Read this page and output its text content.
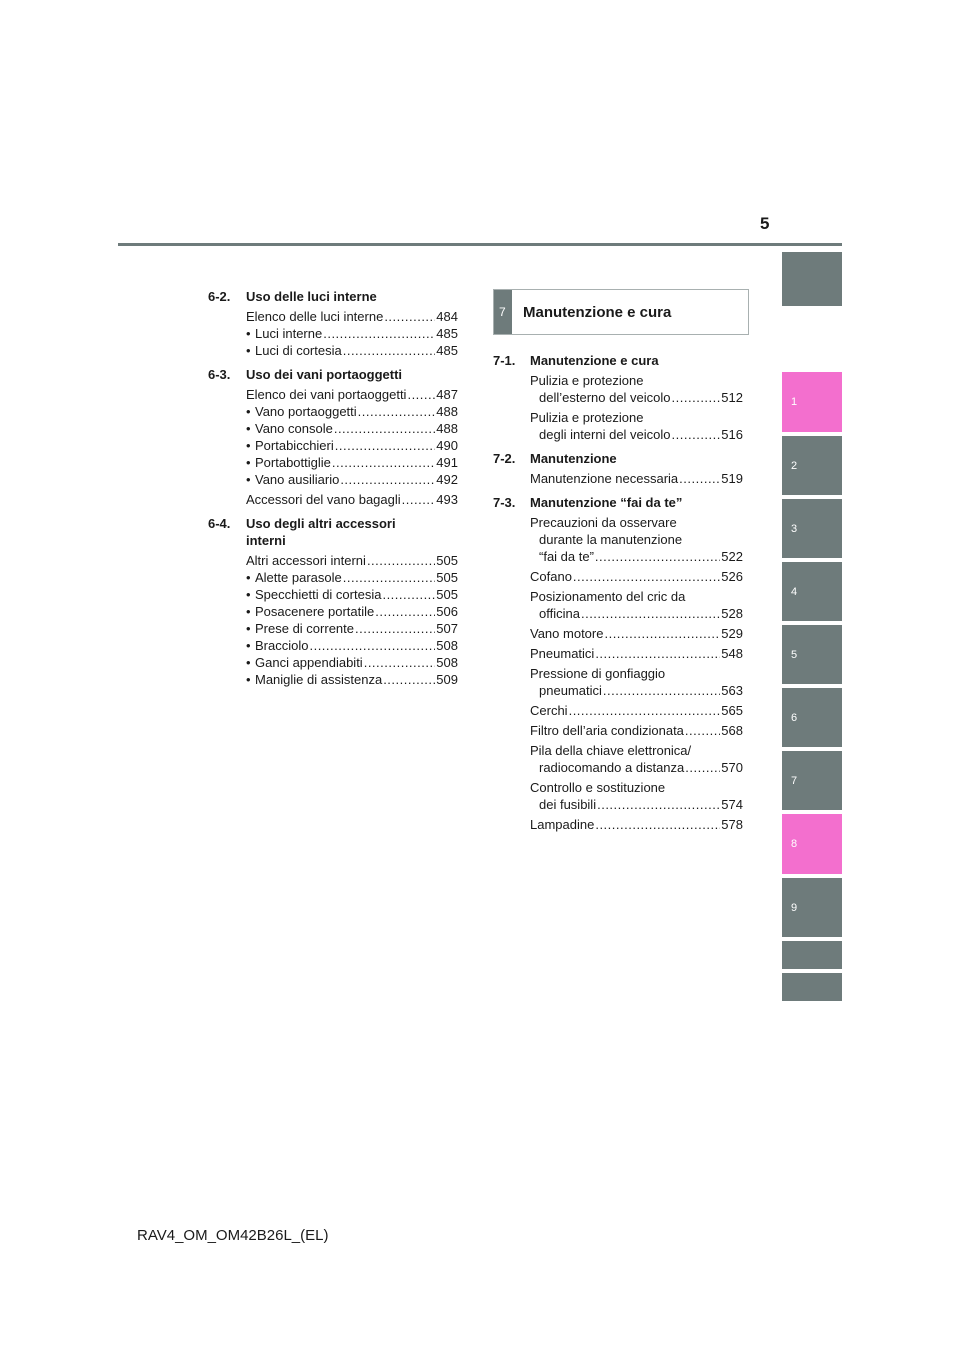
5
1
2
3
4
5
6
7
8
9
6-2. Uso delle luci interne
Elenco delle luci interne .....	484
• Luci interne .....	485
• Luci di cortesia .....	485
6-3. Uso dei vani portaoggetti
Elenco dei vani portaoggetti ..... 487
• Vano portaoggetti .....	488
• Vano console .....	488
• Portabicchieri .....	490
• Portabottiglie .....	491
• Vano ausiliario .....	492
Accessori del vano bagagli .....	493
6-4. Uso degli altri accessori
interni
Altri accessori interni .....	505
• Alette parasole .....	505
• Specchietti di cortesia .....	505
• Posacenere portatile .....	506
• Prese di corrente .....	507
• Bracciolo .....	508
• Ganci appendiabiti .....	508
• Maniglie di assistenza .....	509
7 Manutenzione e cura
7-1. Manutenzione e cura
Pulizia e protezione
dell’esterno del veicolo .....	512
Pulizia e protezione
degli interni del veicolo .....	516
7-2. Manutenzione
Manutenzione necessaria .....	519
7-3. Manutenzione “fai da te”
Precauzioni da osservare
durante la manutenzione
“fai da te” .....	522
Cofano .....	526
Posizionamento del cric da
officina .....	528
Vano motore .....	529
Pneumatici .....	548
Pressione di gonfiaggio
pneumatici .....	563
Cerchi .....	565
Filtro dell’aria condizionata .....	568
Pila della chiave elettronica/
radiocomando a distanza .....	570
Controllo e sostituzione
dei fusibili .....	574
Lampadine .....	578
RAV4_OM_OM42B26L_(EL)
